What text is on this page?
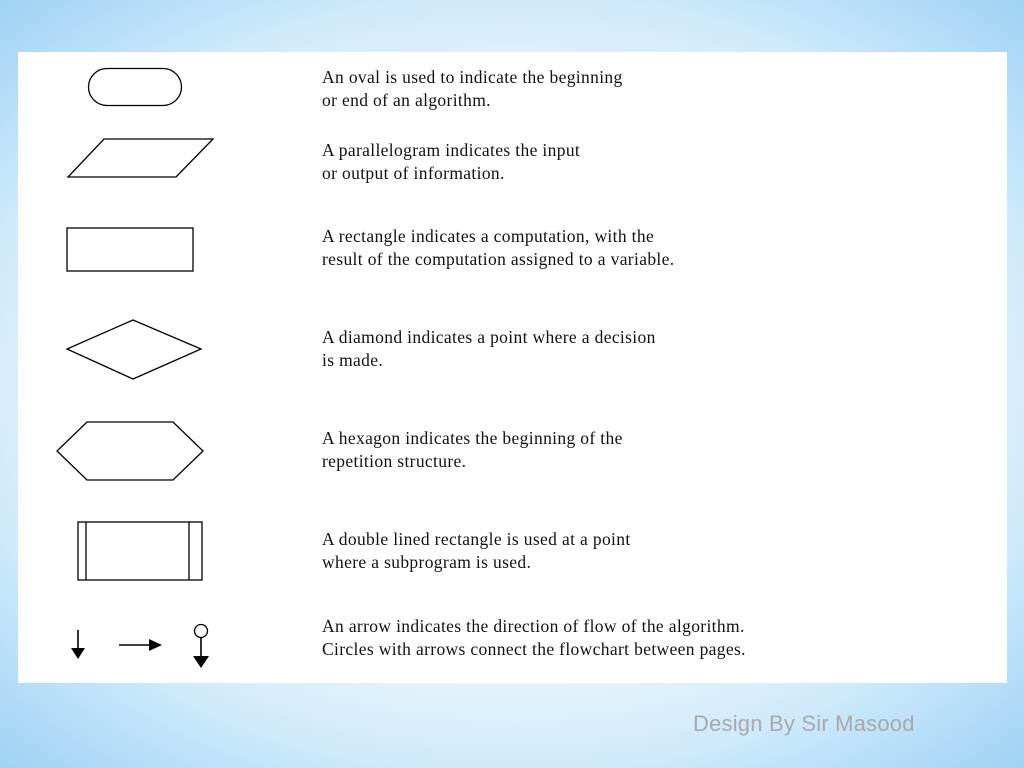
An oval is used to indicate the beginning
or end of an algorithm.
A parallelogram indicates the input
or output of information.
A rectangle indicates a computation, with the
result of the computation assigned to a variable.
A diamond indicates a point where a decision
is made.
A hexagon indicates the beginning of the
repetition structure.
A double lined rectangle is used at a point
where a subprogram is used.
An arrow indicates the direction of flow of the algorithm.
Circles with arrows connect the flowchart between pages.
Design By Sir Masood
